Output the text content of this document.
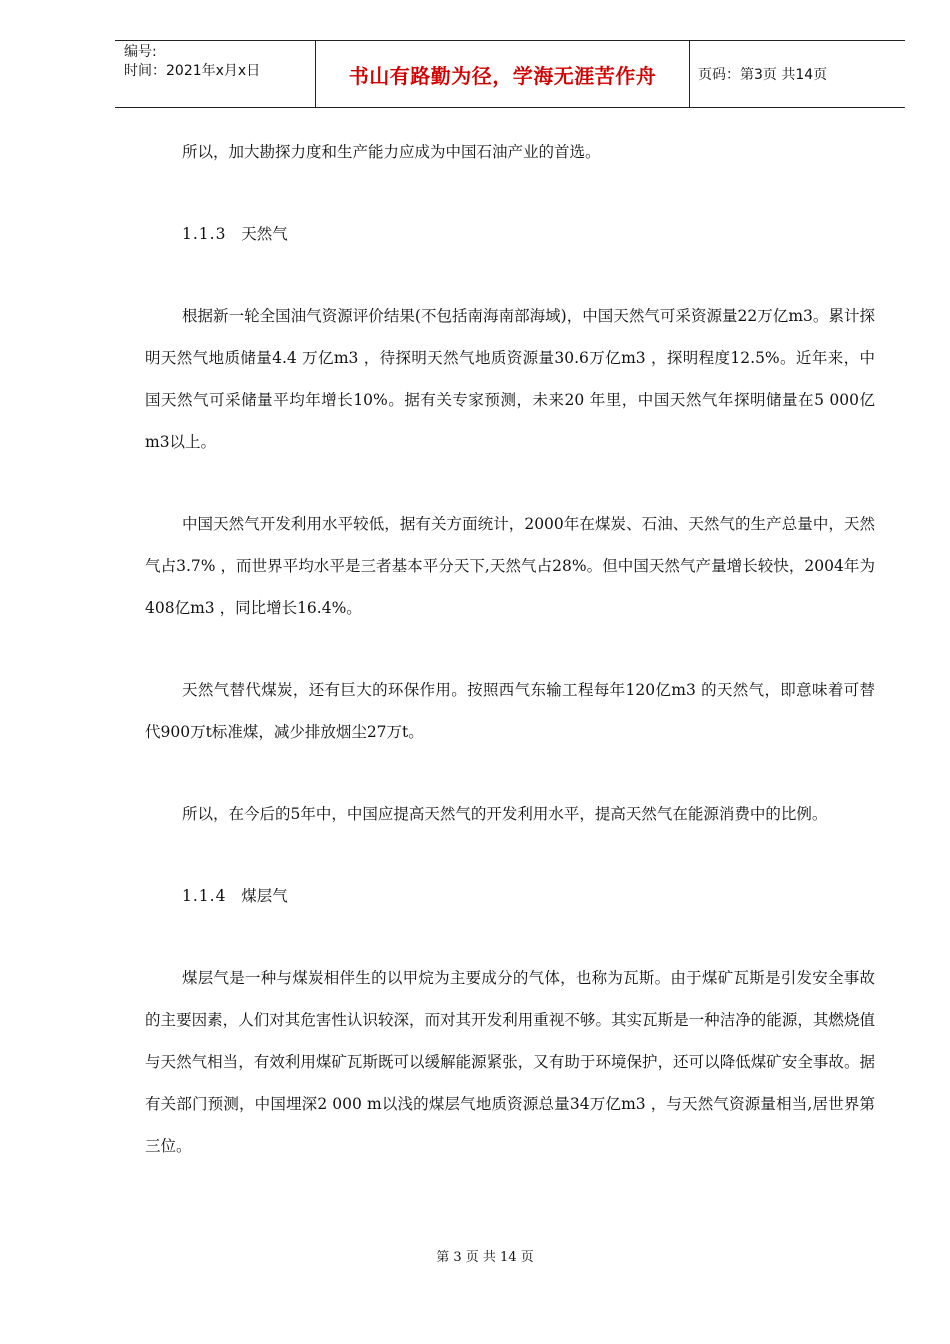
编号:
时间：2021年x月x日	书山有路勤为径，学海无涯苦作舟	页码：第3页 共14页

所以，加大勘探力度和生产能力应成为中国石油产业的首选。

1.1.3 天然气

根据新一轮全国油气资源评价结果(不包括南海南部海域)，中国天然气可采资源量22万亿m3。累计探明天然气地质储量4.4 万亿m3 ，待探明天然气地质资源量30.6万亿m3 ，探明程度12.5%。近年来，中国天然气可采储量平均年增长10%。据有关专家预测，未来20 年里，中国天然气年探明储量在5 000亿m3以上。

中国天然气开发利用水平较低，据有关方面统计，2000年在煤炭、石油、天然气的生产总量中，天然气占3.7% ，而世界平均水平是三者基本平分天下,天然气占28%。但中国天然气产量增长较快，2004年为408亿m3 ，同比增长16.4%。

天然气替代煤炭，还有巨大的环保作用。按照西气东输工程每年120亿m3 的天然气，即意味着可替代900万t标准煤，减少排放烟尘27万t。

所以，在今后的5年中，中国应提高天然气的开发利用水平，提高天然气在能源消费中的比例。

1.1.4 煤层气

煤层气是一种与煤炭相伴生的以甲烷为主要成分的气体，也称为瓦斯。由于煤矿瓦斯是引发安全事故的主要因素，人们对其危害性认识较深，而对其开发利用重视不够。其实瓦斯是一种洁净的能源，其燃烧值与天然气相当，有效利用煤矿瓦斯既可以缓解能源紧张，又有助于环境保护，还可以降低煤矿安全事故。据有关部门预测，中国埋深2 000 m以浅的煤层气地质资源总量34万亿m3 ，与天然气资源量相当,居世界第三位。

第 3 页 共 14 页
